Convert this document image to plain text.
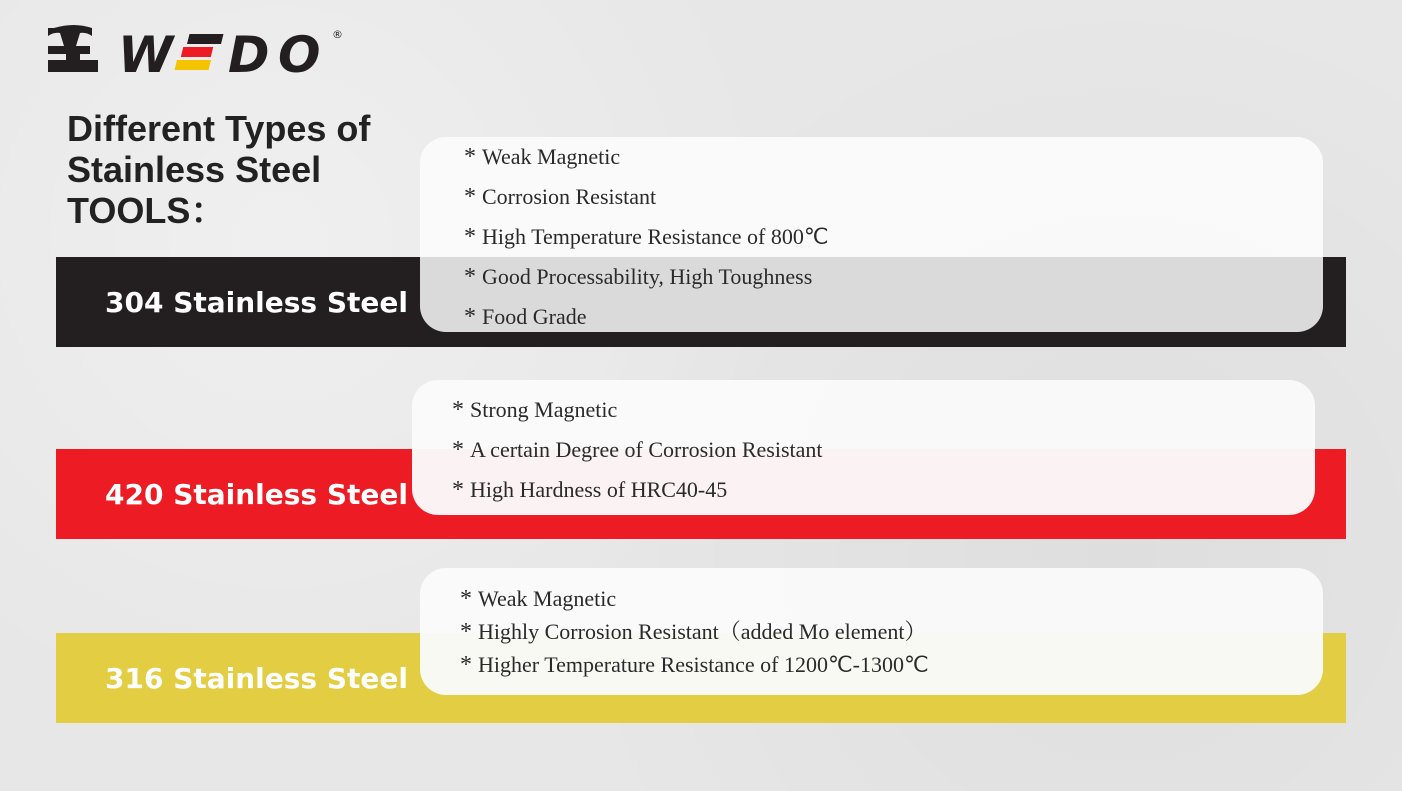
W D O ®
Different Types of
Stainless Steel
TOOLS：
304 Stainless Steel
* Weak Magnetic
* Corrosion Resistant
* High Temperature Resistance of 800℃
* Good Processability, High Toughness
* Food Grade
420 Stainless Steel
* Strong Magnetic
* A certain Degree of Corrosion Resistant
* High Hardness of HRC40-45
316 Stainless Steel
* Weak Magnetic
* Highly Corrosion Resistant（added Mo element）
* Higher Temperature Resistance of 1200℃-1300℃
